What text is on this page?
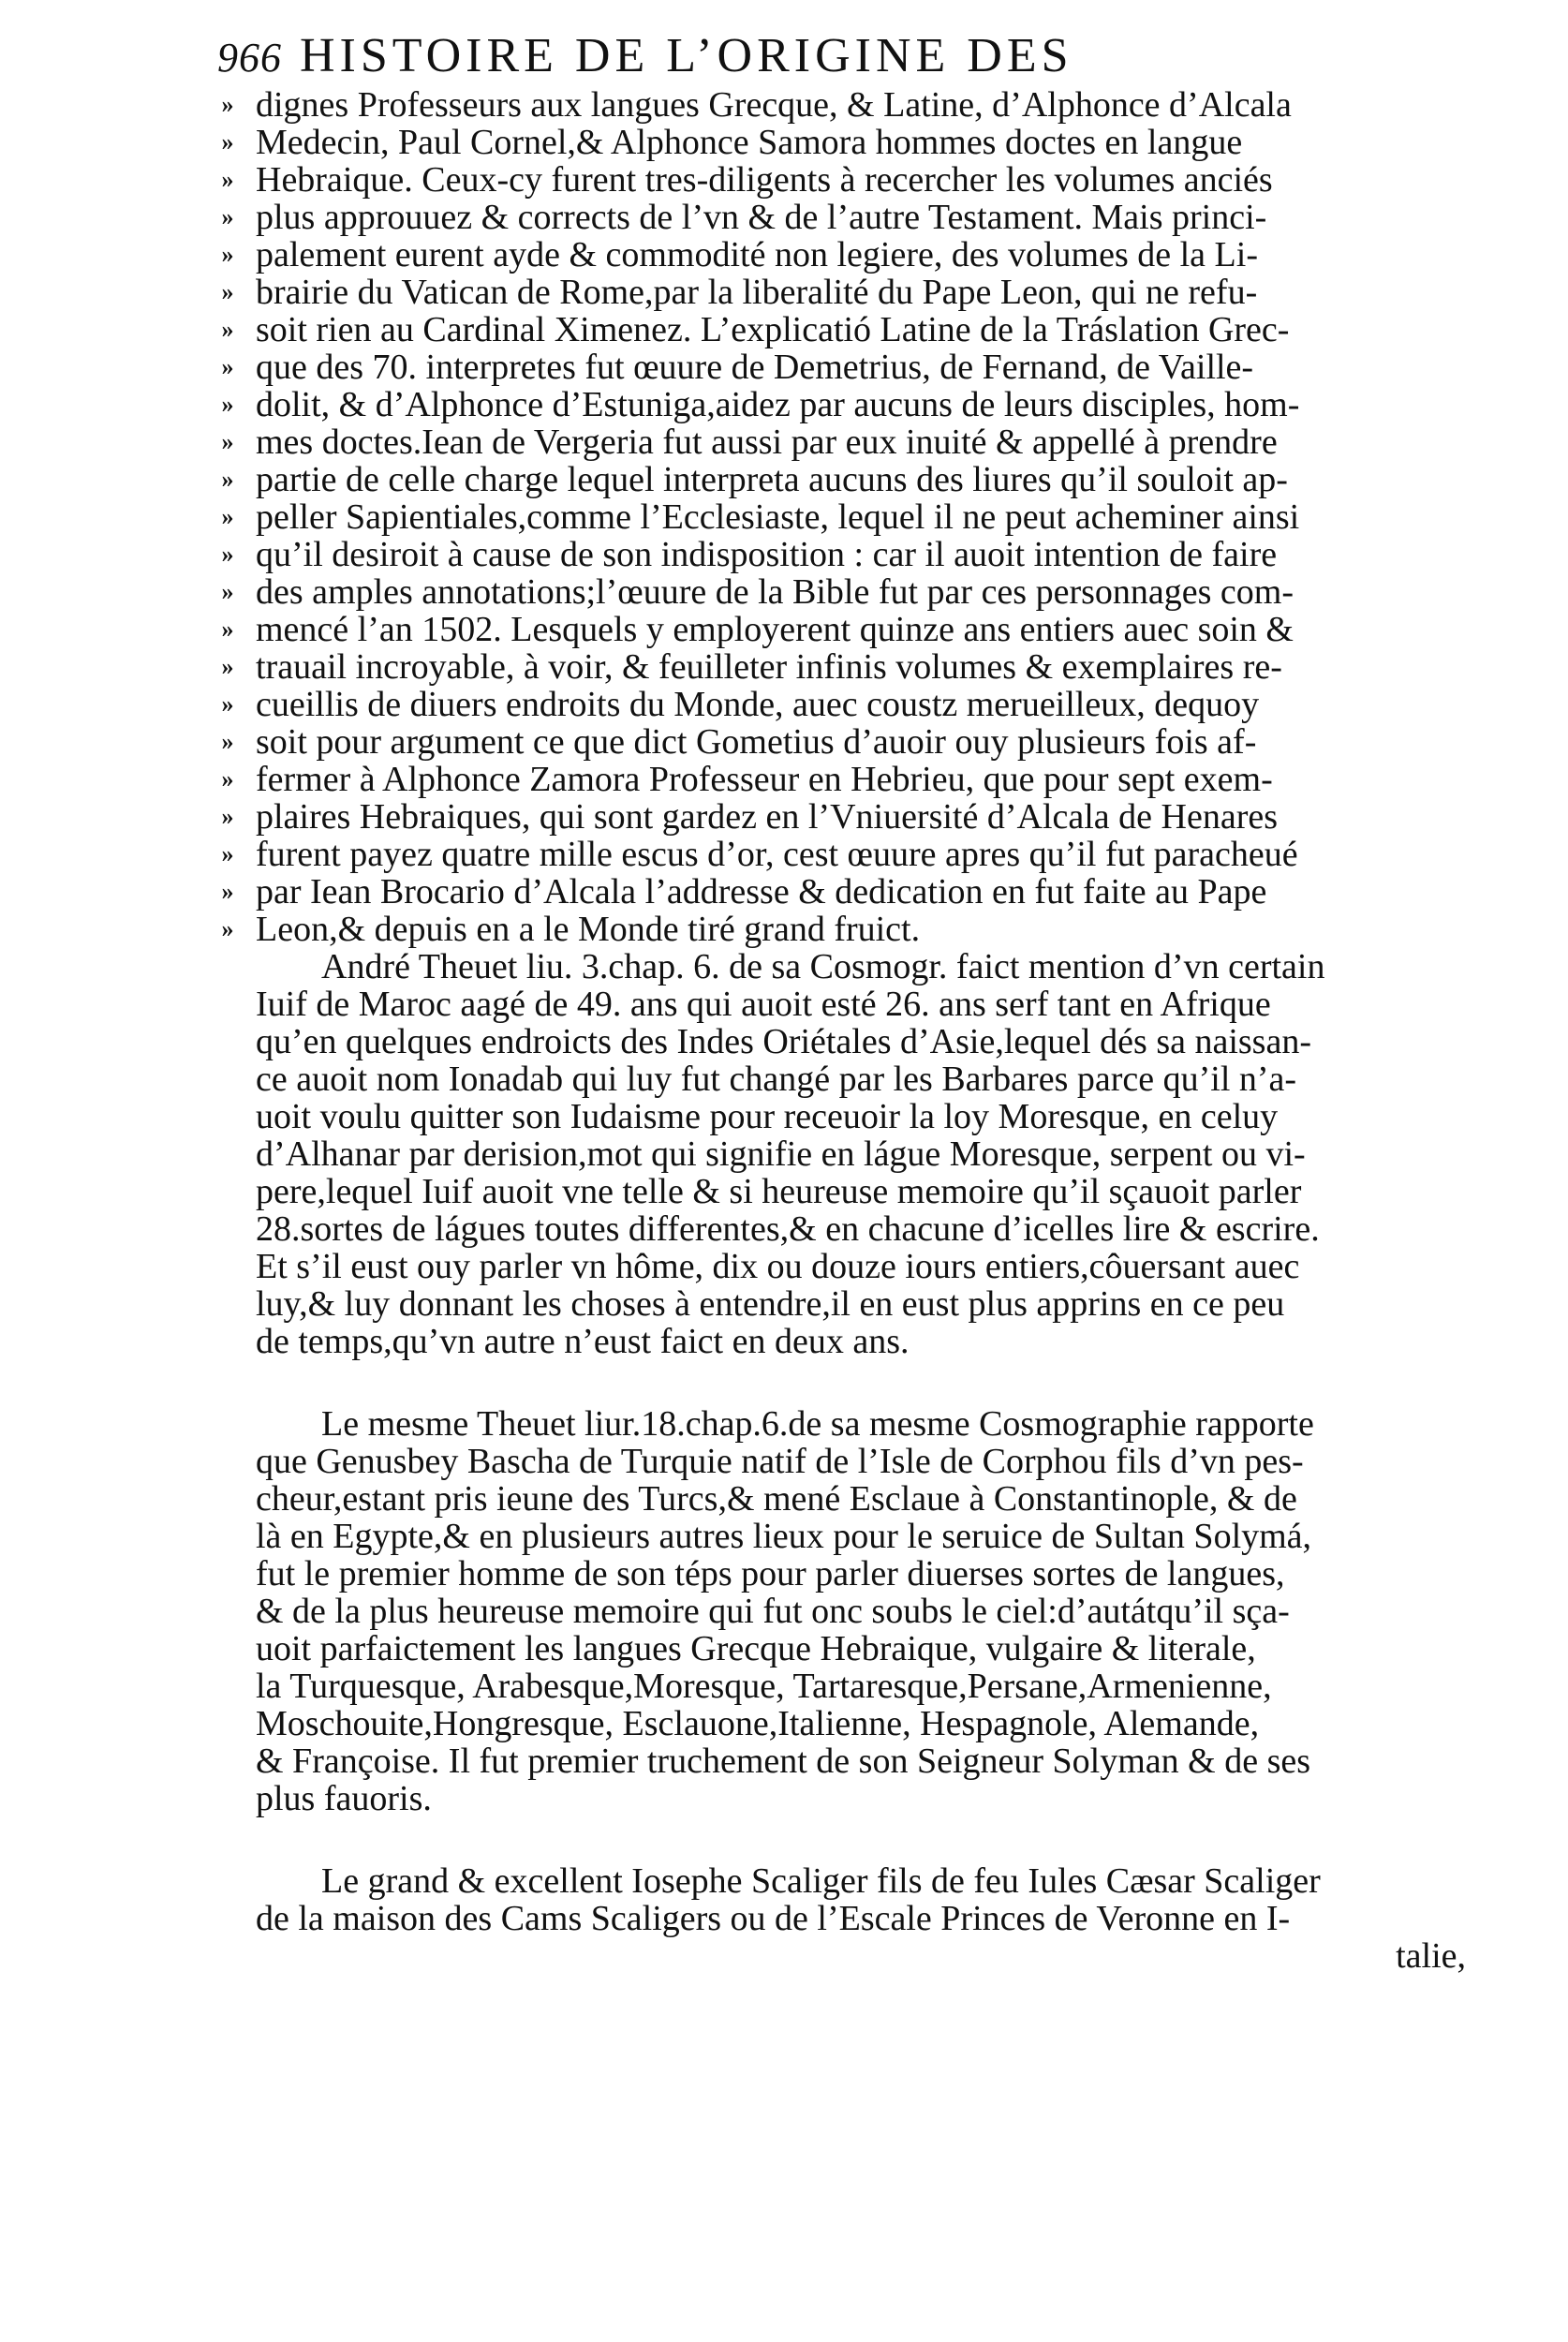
966 HISTOIRE DE L’ORIGINE DES
» dignes Professeurs aux langues Grecque, & Latine, d’Alphonce d’Alcala
» Medecin, Paul Cornel,& Alphonce Samora hommes doctes en langue
» Hebraique. Ceux-cy furent tres-diligents à recercher les volumes anciés
» plus approuuez & corrects de l’vn & de l’autre Testament. Mais princi-
» palement eurent ayde & commodité non legiere, des volumes de la Li-
» brairie du Vatican de Rome,par la liberalité du Pape Leon, qui ne refu-
» soit rien au Cardinal Ximenez. L’explicatió Latine de la Tráslation Grec-
» que des 70. interpretes fut œuure de Demetrius, de Fernand, de Vaille-
» dolit, & d’Alphonce d’Estuniga,aidez par aucuns de leurs disciples, hom-
» mes doctes.Iean de Vergeria fut aussi par eux inuité & appellé à prendre
» partie de celle charge lequel interpreta aucuns des liures qu’il souloit ap-
» peller Sapientiales,comme l’Ecclesiaste, lequel il ne peut acheminer ainsi
» qu’il desiroit à cause de son indisposition : car il auoit intention de faire
» des amples annotations;l’œuure de la Bible fut par ces personnages com-
» mencé l’an 1502. Lesquels y employerent quinze ans entiers auec soin &
» trauail incroyable, à voir, & feuilleter infinis volumes & exemplaires re-
» cueillis de diuers endroits du Monde, auec coustz merueilleux, dequoy
» soit pour argument ce que dict Gometius d’auoir ouy plusieurs fois af-
» fermer à Alphonce Zamora Professeur en Hebrieu, que pour sept exem-
» plaires Hebraiques, qui sont gardez en l’Vniuersité d’Alcala de Henares
» furent payez quatre mille escus d’or, cest œuure apres qu’il fut paracheué
» par Iean Brocario d’Alcala l’addresse & dedication en fut faite au Pape
» Leon,& depuis en a le Monde tiré grand fruict.
André Theuet liu. 3.chap. 6. de sa Cosmogr. faict mention d’vn certain
Iuif de Maroc aagé de 49. ans qui auoit esté 26. ans serf tant en Afrique
qu’en quelques endroicts des Indes Oriétales d’Asie,lequel dés sa naissan-
ce auoit nom Ionadab qui luy fut changé par les Barbares parce qu’il n’a-
uoit voulu quitter son Iudaisme pour receuoir la loy Moresque, en celuy
d’Alhanar par derision,mot qui signifie en lágue Moresque, serpent ou vi-
pere,lequel Iuif auoit vne telle & si heureuse memoire qu’il sçauoit parler
28.sortes de lágues toutes differentes,& en chacune d’icelles lire & escrire.
Et s’il eust ouy parler vn hôme, dix ou douze iours entiers,côuersant auec
luy,& luy donnant les choses à entendre,il en eust plus apprins en ce peu
de temps,qu’vn autre n’eust faict en deux ans.
Le mesme Theuet liur.18.chap.6.de sa mesme Cosmographie rapporte
que Genusbey Bascha de Turquie natif de l’Isle de Corphou fils d’vn pes-
cheur,estant pris ieune des Turcs,& mené Esclaue à Constantinople, & de
là en Egypte,& en plusieurs autres lieux pour le seruice de Sultan Solymá,
fut le premier homme de son téps pour parler diuerses sortes de langues,
& de la plus heureuse memoire qui fut onc soubs le ciel:d’autátqu’il sça-
uoit parfaictement les langues Grecque Hebraique, vulgaire & literale,
la Turquesque, Arabesque,Moresque, Tartaresque,Persane,Armenienne,
Moschouite,Hongresque, Esclauone,Italienne, Hespagnole, Alemande,
& Françoise. Il fut premier truchement de son Seigneur Solyman & de ses
plus fauoris.
Le grand & excellent Iosephe Scaliger fils de feu Iules Cæsar Scaliger
de la maison des Cams Scaligers ou de l’Escale Princes de Veronne en I-
talie,
